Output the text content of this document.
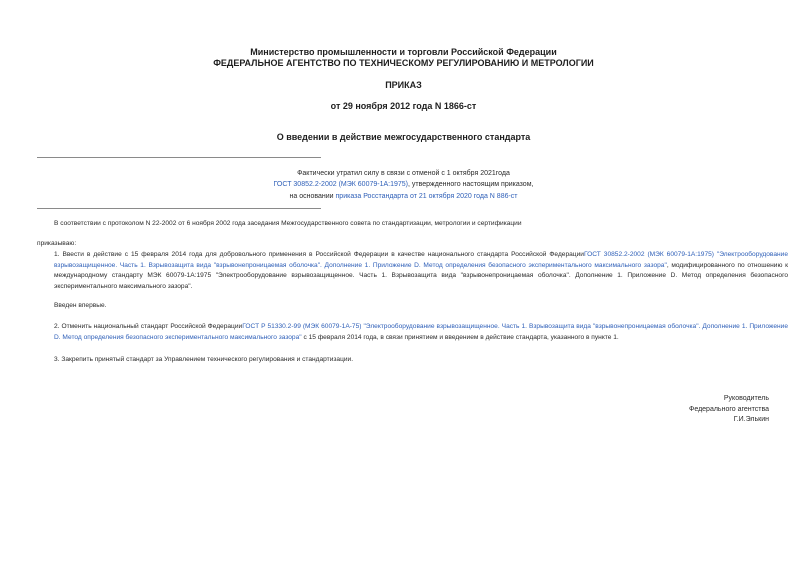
Министерство промышленности и торговли Российской Федерации
ФЕДЕРАЛЬНОЕ АГЕНТСТВО ПО ТЕХНИЧЕСКОМУ РЕГУЛИРОВАНИЮ И МЕТРОЛОГИИ
ПРИКАЗ
от 29 ноября 2012 года N 1866-ст
О введении в действие межгосударственного стандарта
Фактически утратил силу в связи с отменой с 1 октября 2021года
ГОСТ 30852.2-2002 (МЭК 60079-1А:1975), утвержденного настоящим приказом,
на основании приказа Росстандарта от 21 октября 2020 года N 886-ст
В соответствии с протоколом N 22-2002 от 6 ноября 2002 года заседания Межгосударственного совета по стандартизации, метрологии и сертификации
приказываю:
1. Ввести в действие с 15 февраля 2014 года для добровольного применения в Российской Федерации в качестве национального стандарта Российской ФедерацииГОСТ 30852.2-2002 (МЭК 60079-1А:1975) "Электрооборудование взрывозащищенное. Часть 1. Взрывозащита вида "взрывонепроницаемая оболочка". Дополнение 1. Приложение D. Метод определения безопасного экспериментального максимального зазора", модифицированного по отношению к международному стандарту МЭК 60079-1А:1975 "Электрооборудование взрывозащищенное. Часть 1. Взрывозащита вида "взрывонепроницаемая оболочка". Дополнение 1. Приложение D. Метод определения безопасного экспериментального максимального зазора".
Введен впервые.
2. Отменить национальный стандарт Российской ФедерацииГОСТ Р 51330.2-99 (МЭК 60079-1А-75) "Электрооборудование взрывозащищенное. Часть 1. Взрывозащита вида "взрывонепроницаемая оболочка". Дополнение 1. Приложение D. Метод определения безопасного экспериментального максимального зазора" с 15 февраля 2014 года, в связи принятием и введением в действие стандарта, указанного в пункте 1.
3. Закрепить принятый стандарт за Управлением технического регулирования и стандартизации.
Руководитель
Федерального агентства
Г.И.Элькин
